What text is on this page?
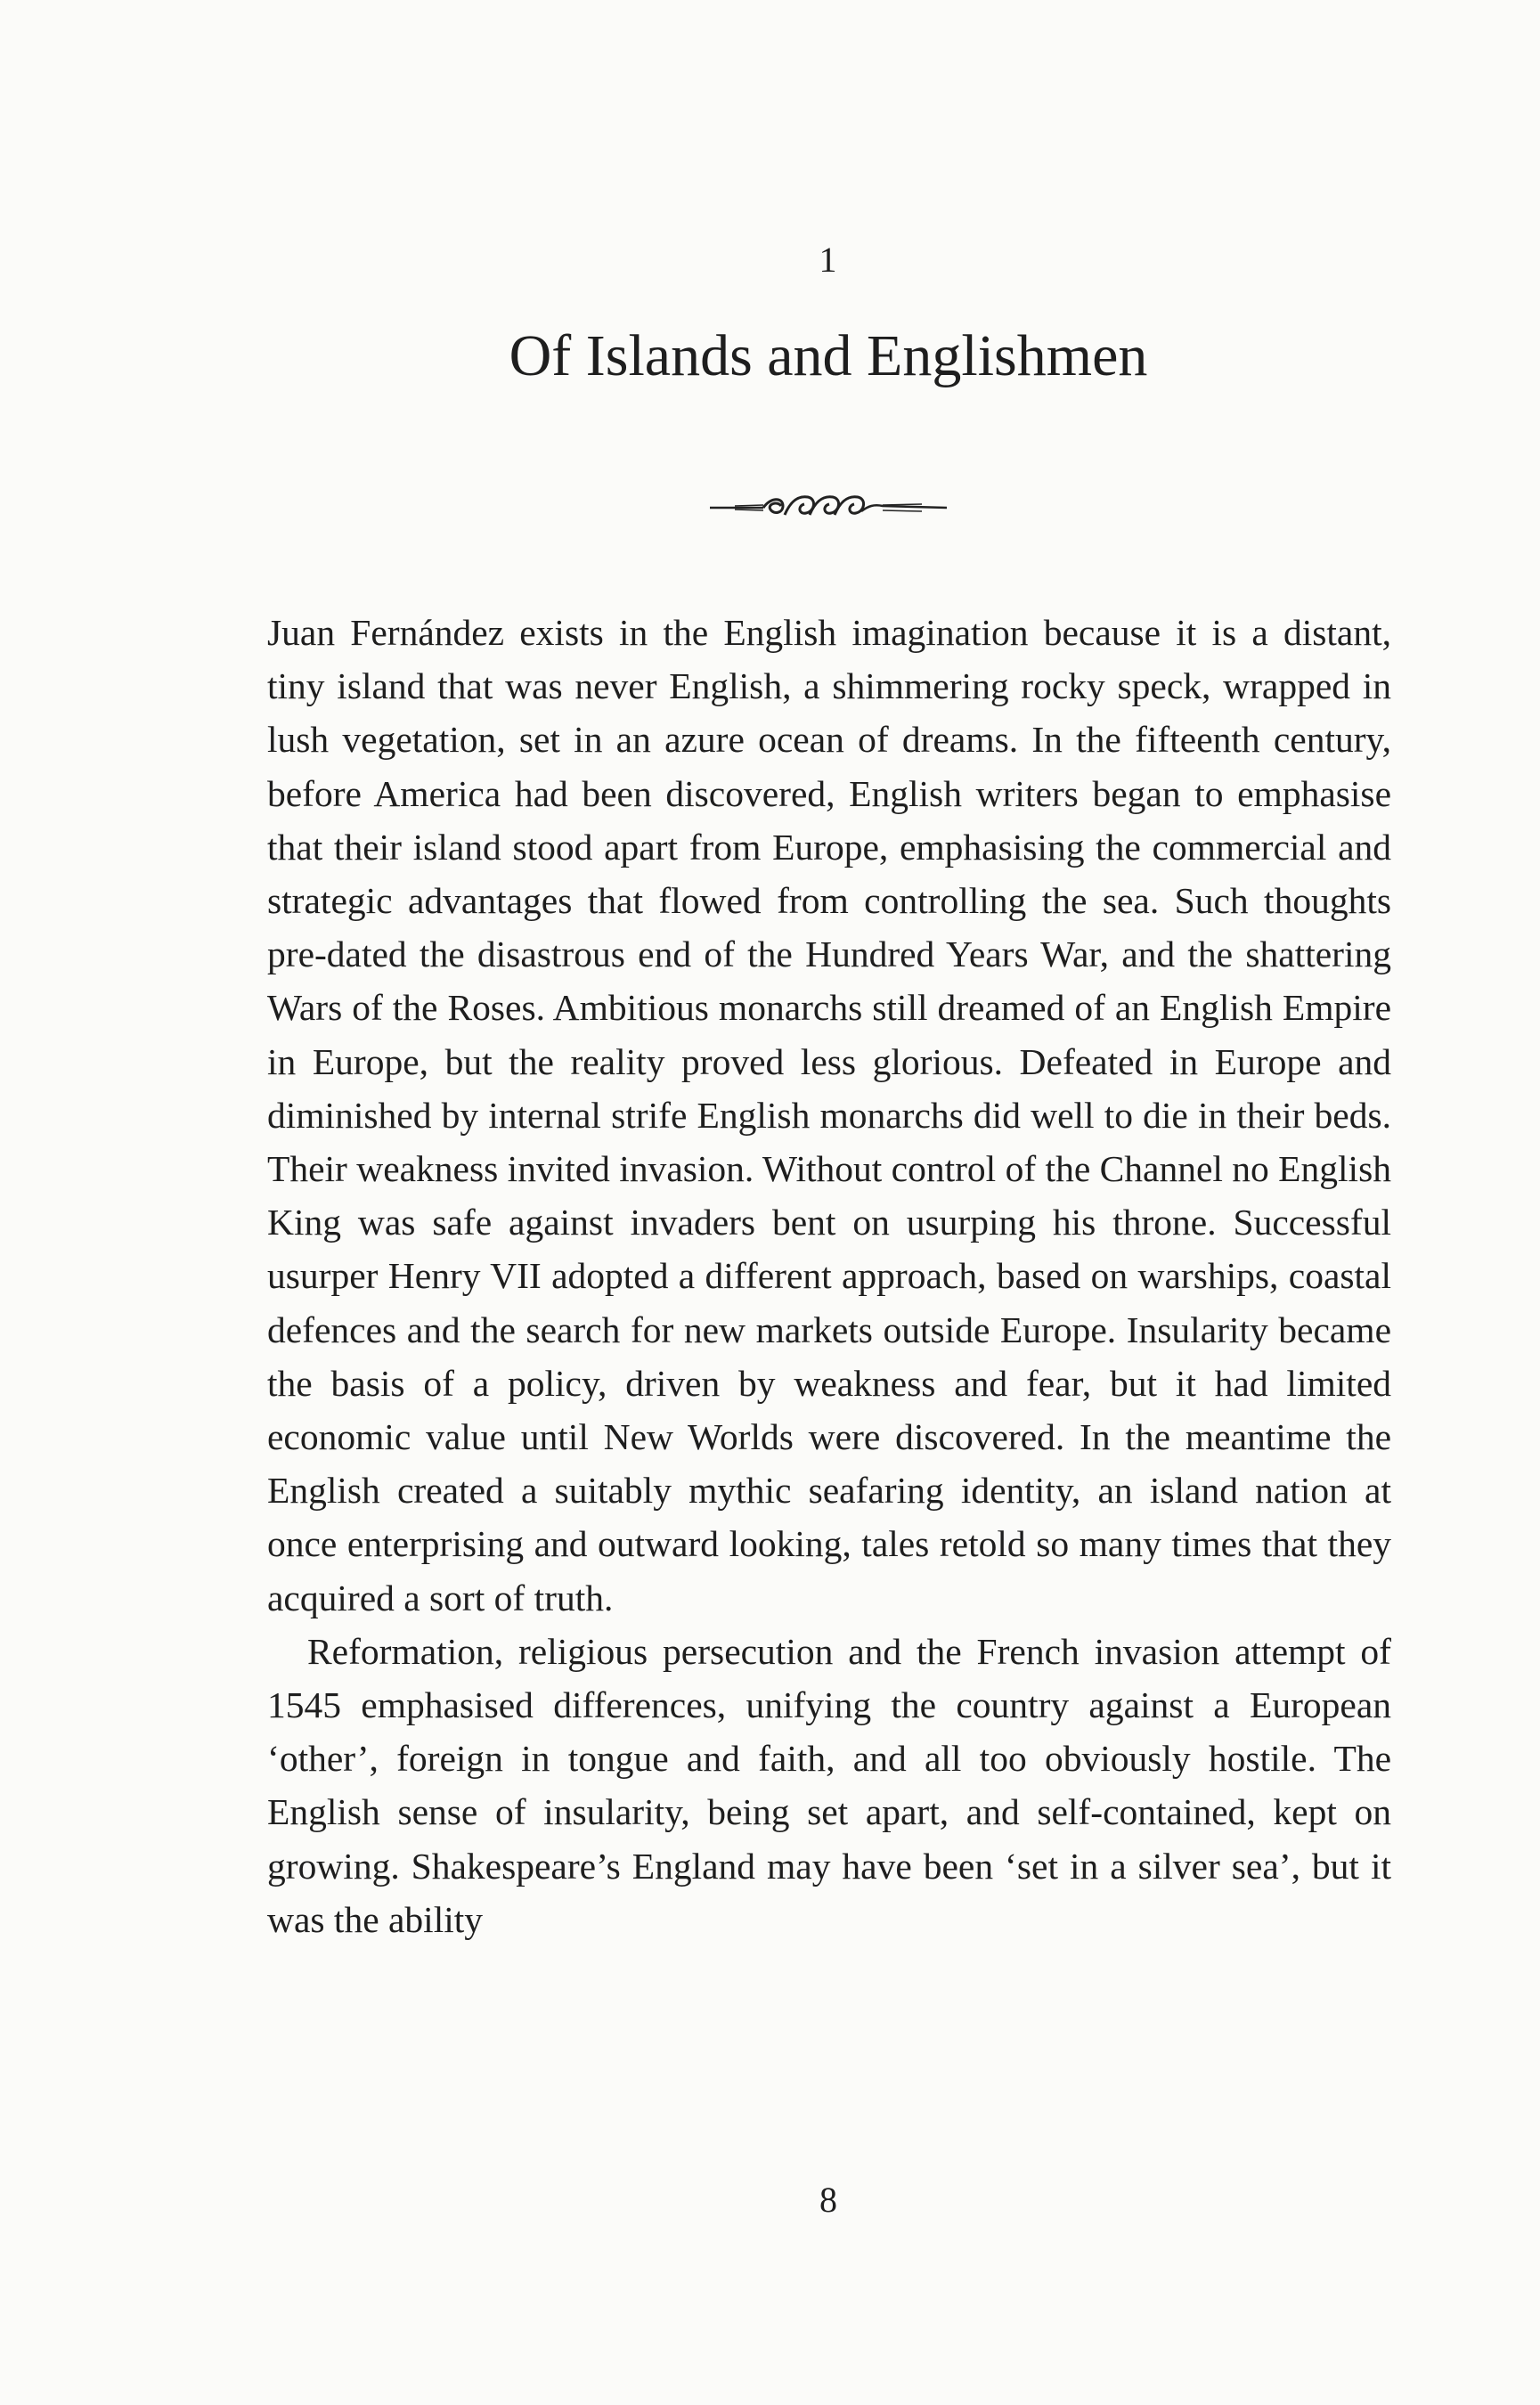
1
Of Islands and Englishmen

Juan Fernández exists in the English imagination because it is a distant, tiny island that was never English, a shimmering rocky speck, wrapped in lush vegetation, set in an azure ocean of dreams. In the fifteenth century, before America had been discovered, English writers began to emphasise that their island stood apart from Europe, emphasising the commercial and strategic advantages that flowed from controlling the sea. Such thoughts pre-dated the disastrous end of the Hundred Years War, and the shattering Wars of the Roses. Ambitious monarchs still dreamed of an English Empire in Europe, but the reality proved less glorious. Defeated in Europe and diminished by internal strife English monarchs did well to die in their beds. Their weakness invited invasion. Without control of the Channel no English King was safe against invaders bent on usurping his throne. Successful usurper Henry VII adopted a different approach, based on warships, coastal defences and the search for new markets outside Europe. Insularity became the basis of a policy, driven by weakness and fear, but it had limited economic value until New Worlds were discovered. In the meantime the English created a suitably mythic seafaring identity, an island nation at once enterprising and outward looking, tales retold so many times that they acquired a sort of truth.

Reformation, religious persecution and the French invasion attempt of 1545 emphasised differences, unifying the country against a European ‘other’, foreign in tongue and faith, and all too obviously hostile. The English sense of insularity, being set apart, and self-contained, kept on growing. Shakespeare’s England may have been ‘set in a silver sea’, but it was the ability

8
